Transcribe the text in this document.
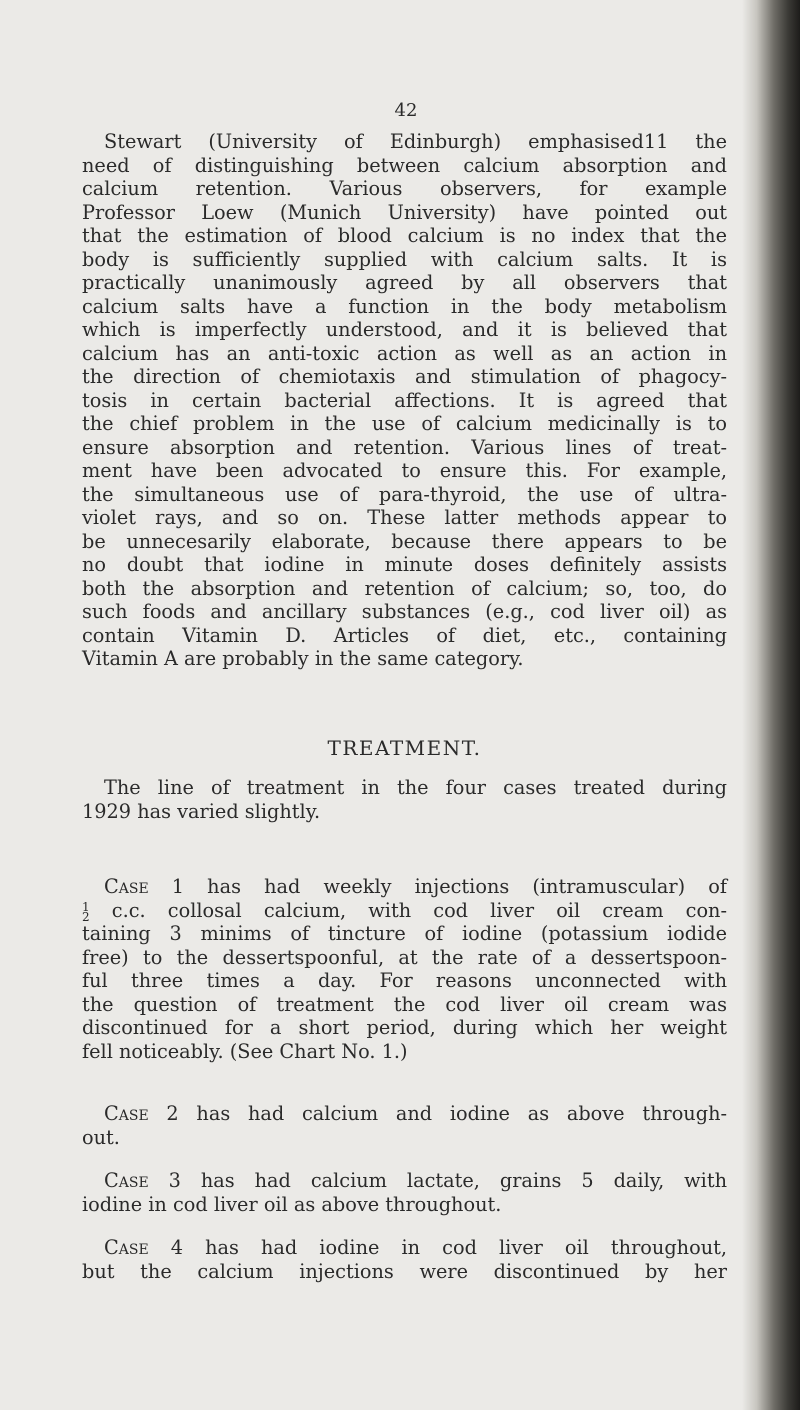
42
Stewart (University of Edinburgh) emphasised11 the
need of distinguishing between calcium absorption and
calcium retention. Various observers, for example
Professor Loew (Munich University) have pointed out
that the estimation of blood calcium is no index that the
body is sufficiently supplied with calcium salts. It is
practically unanimously agreed by all observers that
calcium salts have a function in the body metabolism
which is imperfectly understood, and it is believed that
calcium has an anti-toxic action as well as an action in
the direction of chemiotaxis and stimulation of phagocy-
tosis in certain bacterial affections. It is agreed that
the chief problem in the use of calcium medicinally is to
ensure absorption and retention. Various lines of treat-
ment have been advocated to ensure this. For example,
the simultaneous use of para-thyroid, the use of ultra-
violet rays, and so on. These latter methods appear to
be unnecesarily elaborate, because there appears to be
no doubt that iodine in minute doses definitely assists
both the absorption and retention of calcium; so, too, do
such foods and ancillary substances (e.g., cod liver oil) as
contain Vitamin D. Articles of diet, etc., containing
Vitamin A are probably in the same category.
TREATMENT.
The line of treatment in the four cases treated during
1929 has varied slightly.
Case 1 has had weekly injections (intramuscular) of
1
2 c.c. collosal calcium, with cod liver oil cream con-
taining 3 minims of tincture of iodine (potassium iodide
free) to the dessertspoonful, at the rate of a dessertspoon-
ful three times a day. For reasons unconnected with
the question of treatment the cod liver oil cream was
discontinued for a short period, during which her weight
fell noticeably. (See Chart No. 1.)
Case 2 has had calcium and iodine as above through-
out.
Case 3 has had calcium lactate, grains 5 daily, with
iodine in cod liver oil as above throughout.
Case 4 has had iodine in cod liver oil throughout,
but the calcium injections were discontinued by her
